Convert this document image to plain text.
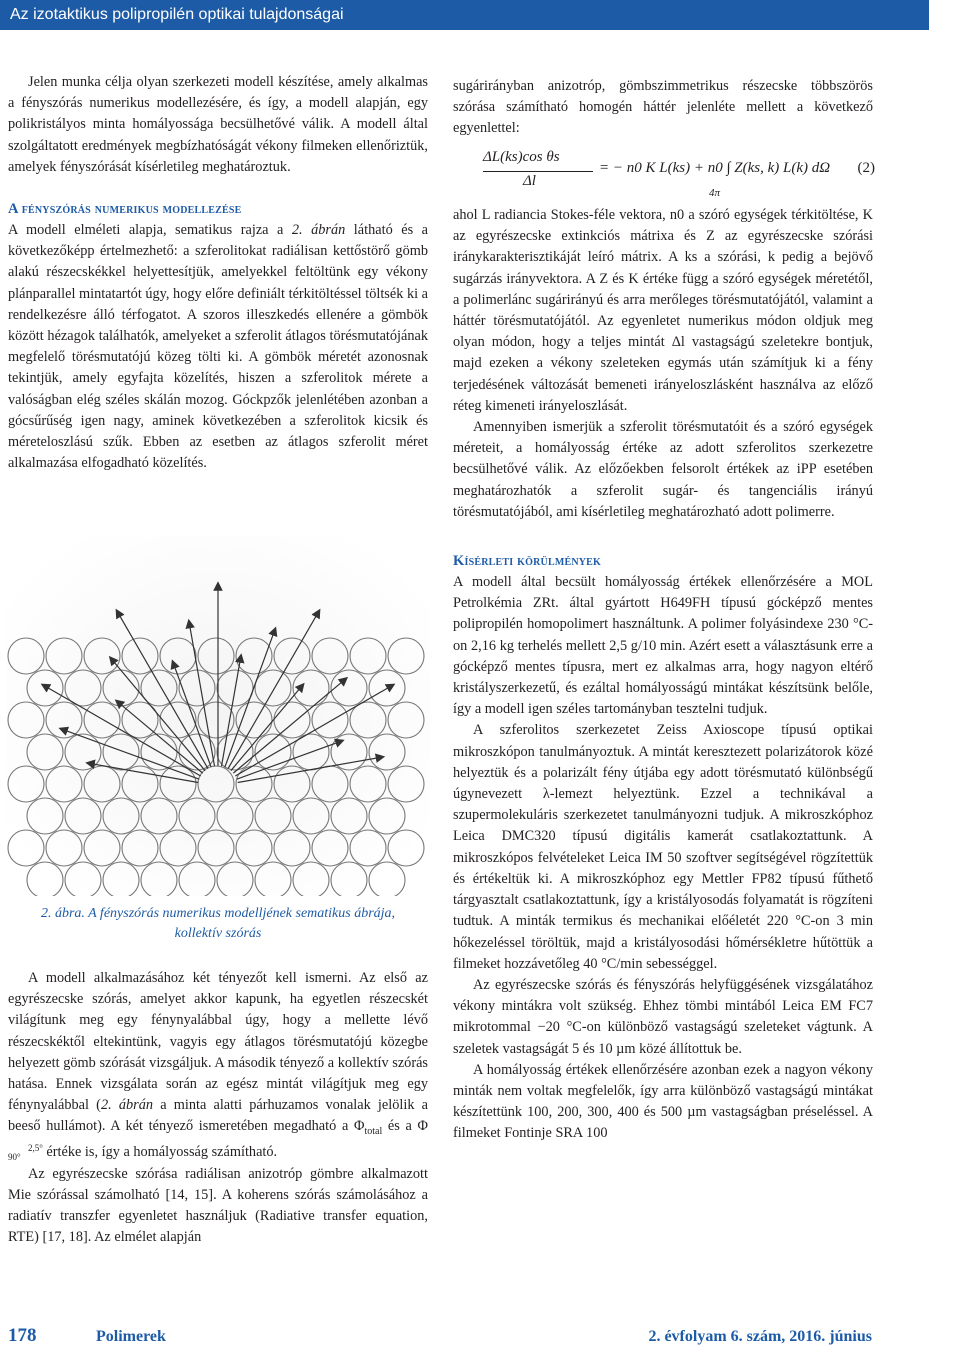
Az izotaktikus polipropilén optikai tulajdonságai

Jelen munka célja olyan szerkezeti modell készítése, amely alkalmas a fényszórás numerikus modellezésére, és így, a modell alapján, egy polikristályos minta homályossága becsülhetővé válik. A modell által szolgáltatott eredmények megbízhatóságát vékony filmeken ellenőriztük, amelyek fényszórását kísérletileg meghatároztuk.

A fényszórás numerikus modellezése

A modell elméleti alapja, sematikus rajza a 2. ábrán látható és a következőképp értelmezhető: a szferolitokat radiálisan kettőstörő gömb alakú részecskékkel helyettesítjük, amelyekkel feltöltünk egy vékony plánparallel mintatartót úgy, hogy előre definiált térkitöltéssel töltsék ki a rendelkezésre álló térfogatot. A szoros illeszkedés ellenére a gömbök között hézagok találhatók, amelyeket a szferolit átlagos törésmutatójának megfelelő törésmutatójú közeg tölti ki. A gömbök méretét azonosnak tekintjük, amely egyfajta közelítés, hiszen a szferolitok mérete a valóságban elég széles skálán mozog. Góckpzők jelenlétében azonban a gócsűrűség igen nagy, aminek következében a szferolitok kicsik és méreteloszlású szűk. Ebben az esetben az átlagos szferolit méret alkalmazása elfogadható közelítés.

2. ábra. A fényszórás numerikus modelljének sematikus ábrája,
kollektív szórás

A modell alkalmazásához két tényezőt kell ismerni. Az első az egyrészecske szórás, amelyet akkor kapunk, ha egyetlen részecskét világítunk meg egy fénynyalábbal úgy, hogy a mellette lévő részecskéktől eltekintünk, vagyis egy átlagos törésmutatójú közegbe helyezett gömb szórását vizsgáljuk. A második tényező a kollektív szórás hatása. Ennek vizsgálata során az egész mintát világítjuk meg egy fénynyalábbal (2. ábrán a minta alatti párhuzamos vonalak jelölik a beeső hullámot). A két tényező ismeretében megadható a $\Phi_{total}$ és a Φ2,5°
90° értéke is, így a homályosság számítható.

Az egyrészecske szórása radiálisan anizotróp gömbre alkalmazott Mie szórással számolható [14, 15]. A koherens szórás számolásához a radiatív transzfer egyenletet használjuk (Radiative transfer equation, RTE) [17, 18]. Az elmélet alapján

sugárirányban anizotróp, gömbszimmetrikus részecske többszörös szórása számítható homogén háttér jelenléte mellett a következő egyenlettel:

ΔL(ks)cos θs
Δl
= − n0 K L(ks) + n0 ∫ Z(ks, k) L(k) dΩ
4π
(2)

ahol L radiancia Stokes-féle vektora, n0 a szóró egységek térkitöltése, K az egyrészecske extinkciós mátrixa és Z az egyrészecske szórási iránykarakterisztikáját leíró mátrix. A ks a szórási, k pedig a bejövő sugárzás irányvektora. A Z és K értéke függ a szóró egységek méretétől, a polimerlánc sugárirányú és arra merőleges törésmutatójától, valamint a háttér törésmutatójától. Az egyenletet numerikus módon oldjuk meg olyan módon, hogy a teljes mintát Δl vastagságú szeletekre bontjuk, majd ezeken a vékony szeleteken egymás után számítjuk ki a fény terjedésének változását bemeneti irányeloszlásként használva az előző réteg kimeneti irányeloszlását.

Amennyiben ismerjük a szferolit törésmutatóit és a szóró egységek méreteit, a homályosság értéke az adott szferolitos szerkezetre becsülhetővé válik. Az előzőekben felsorolt értékek az iPP esetében meghatározhatók a szferolit sugár- és tangenciális irányú törésmutatójából, ami kísérletileg meghatározható adott polimerre.

Kísérleti körülmények

A modell által becsült homályosság értékek ellenőrzésére a MOL Petrolkémia ZRt. által gyártott H649FH típusú gócképző mentes polipropilén homopolimert használtunk. A polimer folyásindexe 230 °C-on 2,16 kg terhelés mellett 2,5 g/10 min. Azért esett a választásunk erre a gócképző mentes típusra, mert ez alkalmas arra, hogy nagyon eltérő kristályszerkezetű, és ezáltal homályosságú mintákat készítsünk belőle, így a modell igen széles tartományban tesztelni tudjuk.

A szferolitos szerkezetet Zeiss Axioscope típusú optikai mikroszkópon tanulmányoztuk. A mintát keresztezett polarizátorok közé helyeztük és a polarizált fény útjába egy adott törésmutató különbségű úgynevezett λ-lemezt helyeztünk. Ezzel a technikával a szupermolekuláris szerkezetet tanulmányozni tudjuk. A mikroszkóphoz Leica DMC320 típusú digitális kamerát csatlakoztattunk. A mikroszkópos felvételeket Leica IM 50 szoftver segítségével rögzítettük és értékeltük ki. A mikroszkóphoz egy Mettler FP82 típusú fűthető tárgyasztalt csatlakoztattunk, így a kristályosodás folyamatát is rögzíteni tudtuk. A minták termikus és mechanikai előéletét 220 °C-on 3 min hőkezeléssel töröltük, majd a kristályosodási hőmérsékletre hűtöttük a filmeket hozzávetőleg 40 °C/min sebességgel.

Az egyrészecske szórás és fényszórás helyfüggésének vizsgálatához vékony mintákra volt szükség. Ehhez tömbi mintából Leica EM FC7 mikrotommal −20 °C-on különböző vastagságú szeleteket vágtunk. A szeletek vastagságát 5 és 10 µm közé állítottuk be.

A homályosság értékek ellenőrzésére azonban ezek a nagyon vékony minták nem voltak megfelelők, így arra különböző vastagságú mintákat készítettünk 100, 200, 300, 400 és 500 µm vastagságban préseléssel. A filmeket Fontinje SRA 100

178	Polimerek	2. évfolyam 6. szám, 2016. június
